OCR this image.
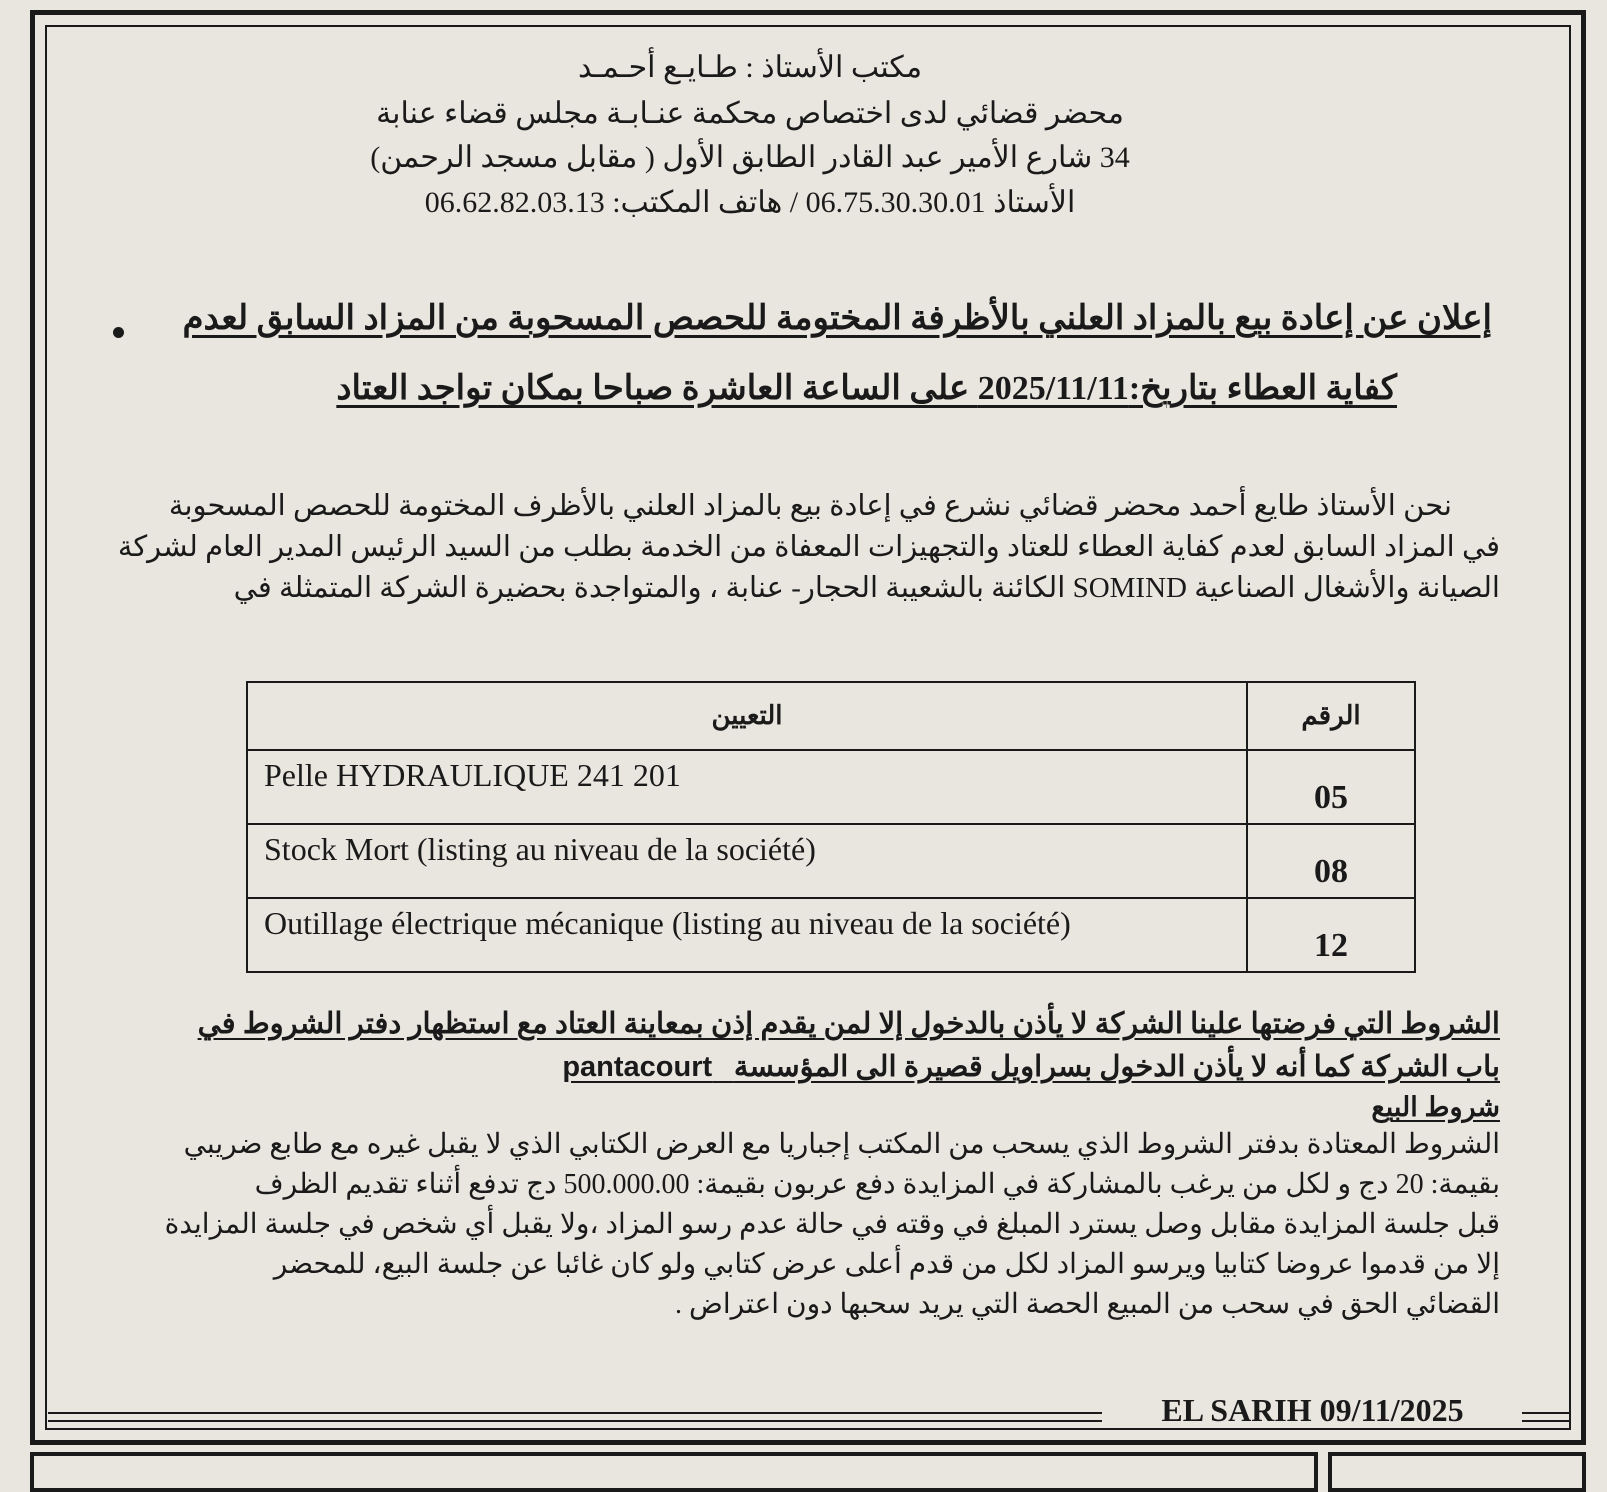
مكتب الأستاذ : طـايـع أحـمـد
محضر قضائي لدى اختصاص محكمة عنـابـة مجلس قضاء عنابة
34 شارع الأمير عبد القادر الطابق الأول ( مقابل مسجد الرحمن)
الأستاذ 06.75.30.30.01 / هاتف المكتب: 06.62.82.03.13
إعلان عن إعادة بيع بالمزاد العلني بالأظرفة المختومة للحصص المسحوبة من المزاد السابق لعدم
كفاية العطاء بتاريخ:2025/11/11 على الساعة العاشرة صباحا بمكان تواجد العتاد

نحن الأستاذ طايع أحمد محضر قضائي نشرع في إعادة بيع بالمزاد العلني بالأظرف المختومة للحصص المسحوبة

في المزاد السابق لعدم كفاية العطاء للعتاد والتجهيزات المعفاة من الخدمة بطلب من السيد الرئيس المدير العام لشركة

الصيانة والأشغال الصناعية SOMIND الكائنة بالشعيبة الحجار- عنابة ، والمتواجدة بحضيرة الشركة المتمثلة في

التعيين	الرقم
Pelle HYDRAULIQUE 241 201	05
Stock Mort (listing au niveau de la société)	08
Outillage électrique mécanique (listing au niveau de la société)	12

الشروط التي فرضتها علينا الشركة لا يأذن بالدخول إلا لمن يقدم إذن بمعاينة العتاد مع استظهار دفتر الشروط في

باب الشركة كما أنه لا يأذن الدخول بسراويل قصيرة الى المؤسسة   pantacourt

شروط البيع

الشروط المعتادة بدفتر الشروط الذي يسحب من المكتب إجباريا مع العرض الكتابي الذي لا يقبل غيره مع طابع ضريبي

بقيمة: 20 دج و لكل من يرغب بالمشاركة في المزايدة دفع عربون بقيمة: 500.000.00 دج تدفع أثناء تقديم الظرف

قبل جلسة المزايدة مقابل وصل يسترد المبلغ في وقته في حالة عدم رسو المزاد ،ولا يقبل أي شخص في جلسة المزايدة

إلا من قدموا عروضا كتابيا ويرسو المزاد لكل من قدم أعلى عرض كتابي ولو كان غائبا عن جلسة البيع، للمحضر

القضائي الحق في سحب من المبيع الحصة التي يريد سحبها دون اعتراض .

EL SARIH 09/11/2025
